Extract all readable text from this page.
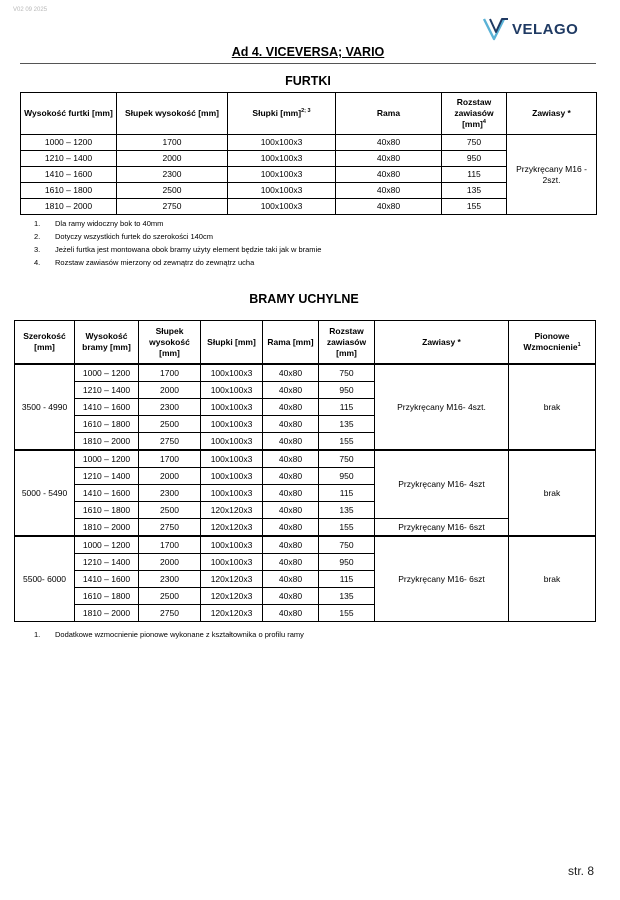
V02 09 2025
VELAGO
Ad 4. VICEVERSA; VARIO
FURTKI
Wysokość furtki [mm]	Słupek wysokość [mm]	Słupki [mm]$^{2; 3}$	Rama	Rozstaw zawiasów [mm]$^4$	Zawiasy *
1000 – 1200	1700	100x100x3	40x80	750	Przykręcany M16 - 2szt.
1210 – 1400	2000	100x100x3	40x80	950	
1410 – 1600	2300	100x100x3	40x80	115	
1610 – 1800	2500	100x100x3	40x80	135	
1810 – 2000	2750	100x100x3	40x80	155	
1. Dla ramy widoczny bok to 40mm
2. Dotyczy wszystkich furtek do szerokości 140cm
3. Jeżeli furtka jest montowana obok bramy użyty element będzie taki jak w bramie
4. Rozstaw zawiasów mierzony od zewnątrz do zewnątrz ucha
BRAMY UCHYLNE
Szerokość [mm]	Wysokość bramy [mm]	Słupek wysokość [mm]	Słupki [mm]	Rama [mm]	Rozstaw zawiasów [mm]	Zawiasy *	Pionowe Wzmocnienie$^1$
3500 - 4990	1000 – 1200	1700	100x100x3	40x80	750	Przykręcany M16- 4szt.	brak
	1210 – 1400	2000	100x100x3	40x80	950		
	1410 – 1600	2300	100x100x3	40x80	115		
	1610 – 1800	2500	100x100x3	40x80	135		
	1810 – 2000	2750	100x100x3	40x80	155		
5000 - 5490	1000 – 1200	1700	100x100x3	40x80	750	Przykręcany M16- 4szt	brak
	1210 – 1400	2000	100x100x3	40x80	950		
	1410 – 1600	2300	100x100x3	40x80	115		
	1610 – 1800	2500	120x120x3	40x80	135		
	1810 – 2000	2750	120x120x3	40x80	155	Przykręcany M16- 6szt	
5500- 6000	1000 – 1200	1700	100x100x3	40x80	750	Przykręcany M16- 6szt	brak
	1210 – 1400	2000	100x100x3	40x80	950		
	1410 – 1600	2300	120x120x3	40x80	115		
	1610 – 1800	2500	120x120x3	40x80	135		
	1810 – 2000	2750	120x120x3	40x80	155		
1. Dodatkowe wzmocnienie pionowe wykonane z kształtownika o profilu ramy
str. 8
